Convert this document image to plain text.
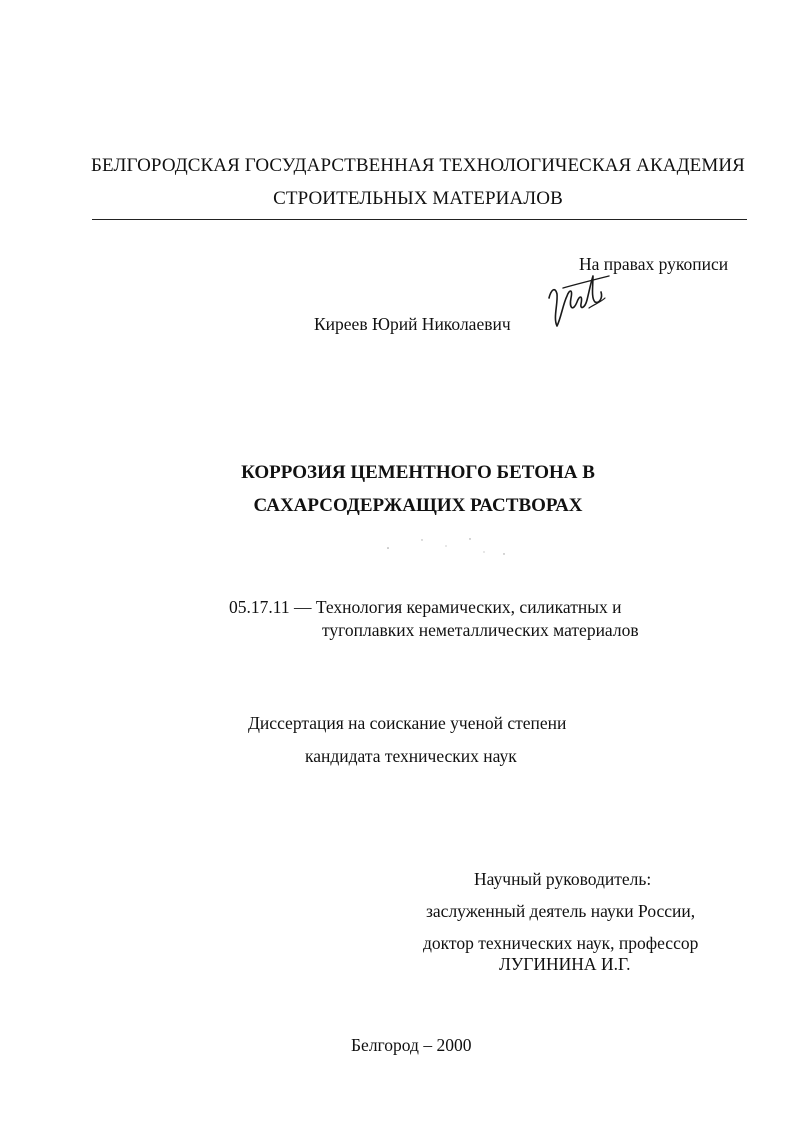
БЕЛГОРОДСКАЯ ГОСУДАРСТВЕННАЯ ТЕХНОЛОГИЧЕСКАЯ АКАДЕМИЯ
СТРОИТЕЛЬНЫХ МАТЕРИАЛОВ
На правах рукописи
Киреев Юрий Николаевич
КОРРОЗИЯ ЦЕМЕНТНОГО БЕТОНА В
САХАРСОДЕРЖАЩИХ РАСТВОРАХ
05.17.11 — Технология керамических, силикатных и
тугоплавких неметаллических материалов
Диссертация на соискание ученой степени
кандидата технических наук
Научный руководитель:
заслуженный деятель науки России,
доктор технических наук, профессор
ЛУГИНИНА И.Г.
Белгород – 2000
